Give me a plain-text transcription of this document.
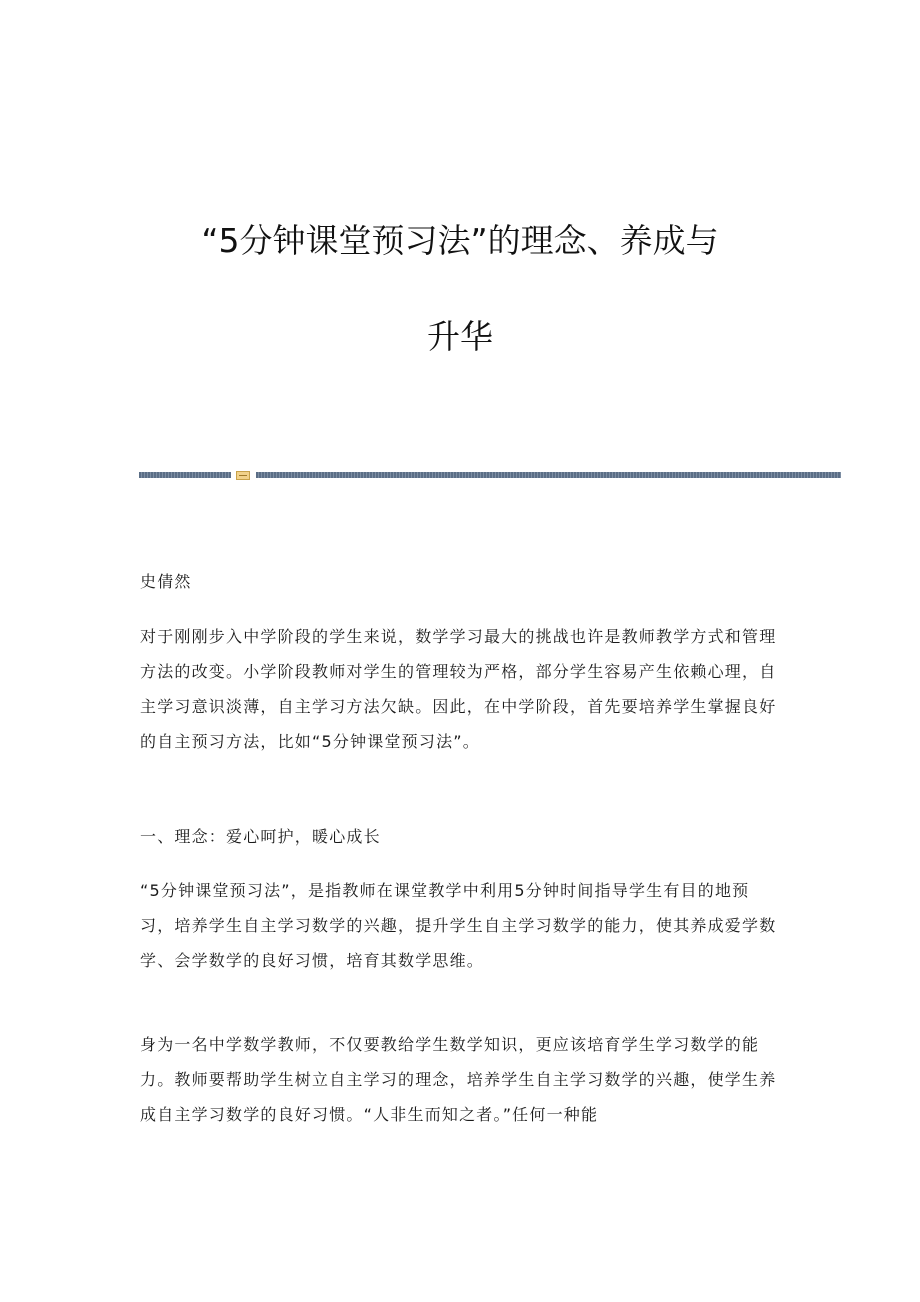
“5分钟课堂预习法”的理念、养成与
升华

史倩然

对于刚刚步入中学阶段的学生来说，数学学习最大的挑战也许是教师教学方式和管理方法的改变。小学阶段教师对学生的管理较为严格，部分学生容易产生依赖心理，自主学习意识淡薄，自主学习方法欠缺。因此，在中学阶段，首先要培养学生掌握良好的自主预习方法，比如“5分钟课堂预习法”。

一、理念：爱心呵护，暖心成长

“5分钟课堂预习法”，是指教师在课堂教学中利用5分钟时间指导学生有目的地预习，培养学生自主学习数学的兴趣，提升学生自主学习数学的能力，使其养成爱学数学、会学数学的良好习惯，培育其数学思维。

身为一名中学数学教师，不仅要教给学生数学知识，更应该培育学生学习数学的能力。教师要帮助学生树立自主学习的理念，培养学生自主学习数学的兴趣，使学生养成自主学习数学的良好习惯。“人非生而知之者。”任何一种能
